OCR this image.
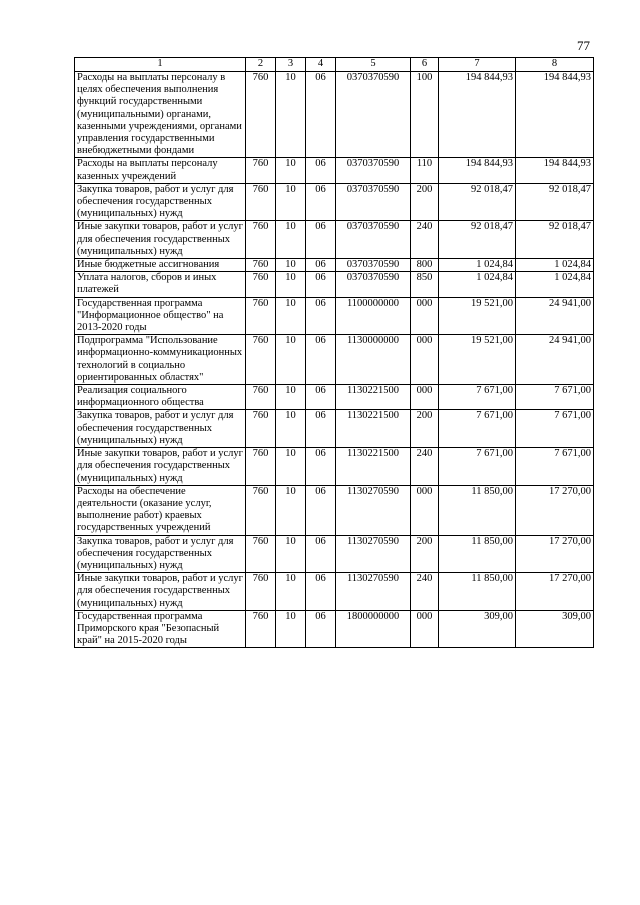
77
1	2	3	4	5	6	7	8
Расходы на выплаты персоналу в целях обеспечения выполнения функций государственными (муниципальными) органами, казенными учреждениями, органами управления государственными внебюджетными фондами	760	10	06	0370370590	100	194 844,93	194 844,93
Расходы на выплаты персоналу казенных учреждений	760	10	06	0370370590	110	194 844,93	194 844,93
Закупка товаров, работ и услуг для обеспечения государственных (муниципальных) нужд	760	10	06	0370370590	200	92 018,47	92 018,47
Иные закупки товаров, работ и услуг для обеспечения государственных (муниципальных) нужд	760	10	06	0370370590	240	92 018,47	92 018,47
Иные бюджетные ассигнования	760	10	06	0370370590	800	1 024,84	1 024,84
Уплата налогов, сборов и иных платежей	760	10	06	0370370590	850	1 024,84	1 024,84
Государственная программа "Информационное общество" на 2013-2020 годы	760	10	06	1100000000	000	19 521,00	24 941,00
Подпрограмма "Использование информационно-коммуникационных технологий в социально ориентированных областях"	760	10	06	1130000000	000	19 521,00	24 941,00
Реализация социального информационного общества	760	10	06	1130221500	000	7 671,00	7 671,00
Закупка товаров, работ и услуг для обеспечения государственных (муниципальных) нужд	760	10	06	1130221500	200	7 671,00	7 671,00
Иные закупки товаров, работ и услуг для обеспечения государственных (муниципальных) нужд	760	10	06	1130221500	240	7 671,00	7 671,00
Расходы на обеспечение деятельности (оказание услуг, выполнение работ) краевых государственных учреждений	760	10	06	1130270590	000	11 850,00	17 270,00
Закупка товаров, работ и услуг для обеспечения государственных (муниципальных) нужд	760	10	06	1130270590	200	11 850,00	17 270,00
Иные закупки товаров, работ и услуг для обеспечения государственных (муниципальных) нужд	760	10	06	1130270590	240	11 850,00	17 270,00
Государственная программа Приморского края "Безопасный край" на 2015-2020 годы	760	10	06	1800000000	000	309,00	309,00
